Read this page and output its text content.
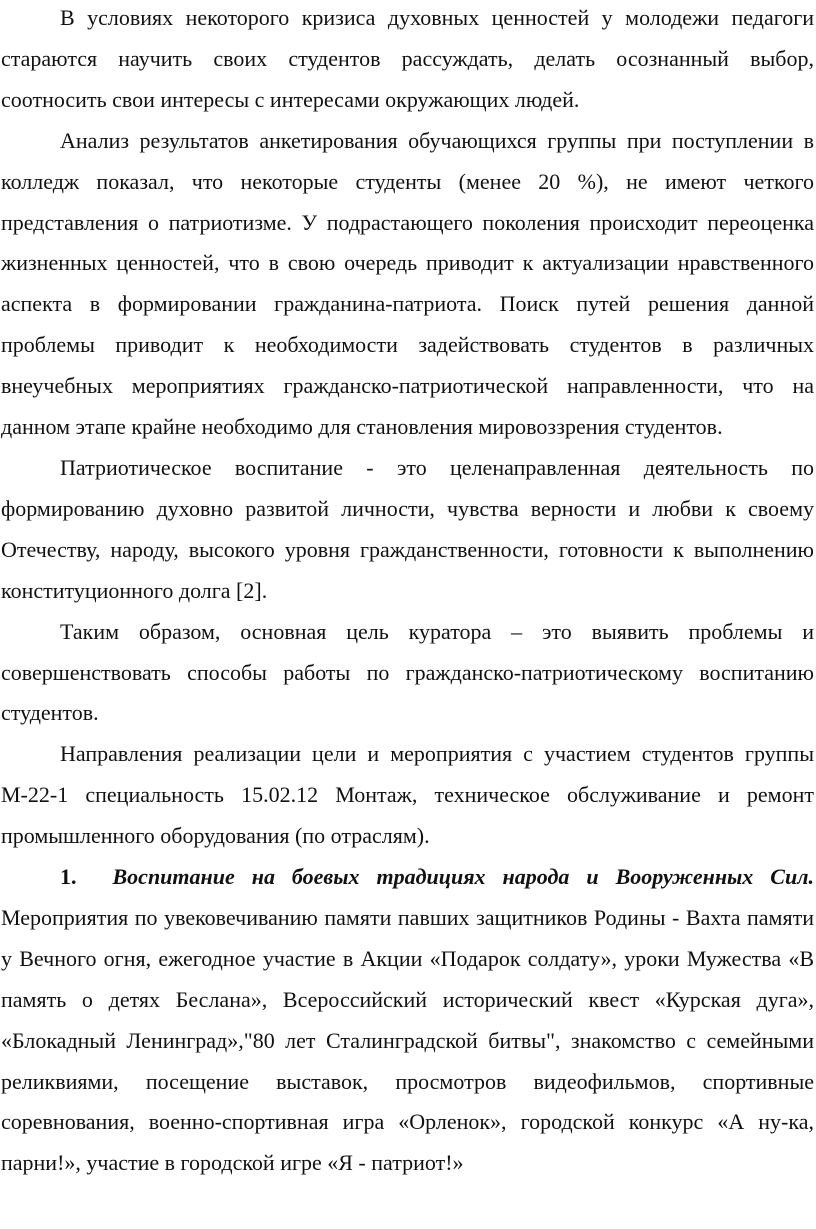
В условиях некоторого кризиса духовных ценностей у молодежи педагоги стараются научить своих студентов рассуждать, делать осознанный выбор, соотносить свои интересы с интересами окружающих людей.

Анализ результатов анкетирования обучающихся группы при поступлении в колледж показал, что некоторые студенты (менее 20 %), не имеют четкого представления о патриотизме. У подрастающего поколения происходит переоценка жизненных ценностей, что в свою очередь приводит к актуализации нравственного аспекта в формировании гражданина-патриота. Поиск путей решения данной проблемы приводит к необходимости задействовать студентов в различных внеучебных мероприятиях гражданско-патриотической направленности, что на данном этапе крайне необходимо для становления мировоззрения студентов.

Патриотическое воспитание - это целенаправленная деятельность по формированию духовно развитой личности, чувства верности и любви к своему Отечеству, народу, высокого уровня гражданственности, готовности к выполнению конституционного долга [2].

Таким образом, основная цель куратора – это выявить проблемы и совершенствовать способы работы по гражданско-патриотическому воспитанию студентов.

Направления реализации цели и мероприятия с участием студентов группы М-22-1 специальность 15.02.12 Монтаж, техническое обслуживание и ремонт промышленного оборудования (по отраслям).

1. Воспитание на боевых традициях народа и Вооруженных Сил. Мероприятия по увековечиванию памяти павших защитников Родины - Вахта памяти у Вечного огня, ежегодное участие в Акции «Подарок солдату», уроки Мужества «В память о детях Беслана», Всероссийский исторический квест «Курская дуга», «Блокадный Ленинград»,"80 лет Сталинградской битвы", знакомство с семейными реликвиями, посещение выставок, просмотров видеофильмов, спортивные соревнования, военно-спортивная игра «Орленок», городской конкурс «А ну-ка, парни!», участие в городской игре «Я - патриот!»
